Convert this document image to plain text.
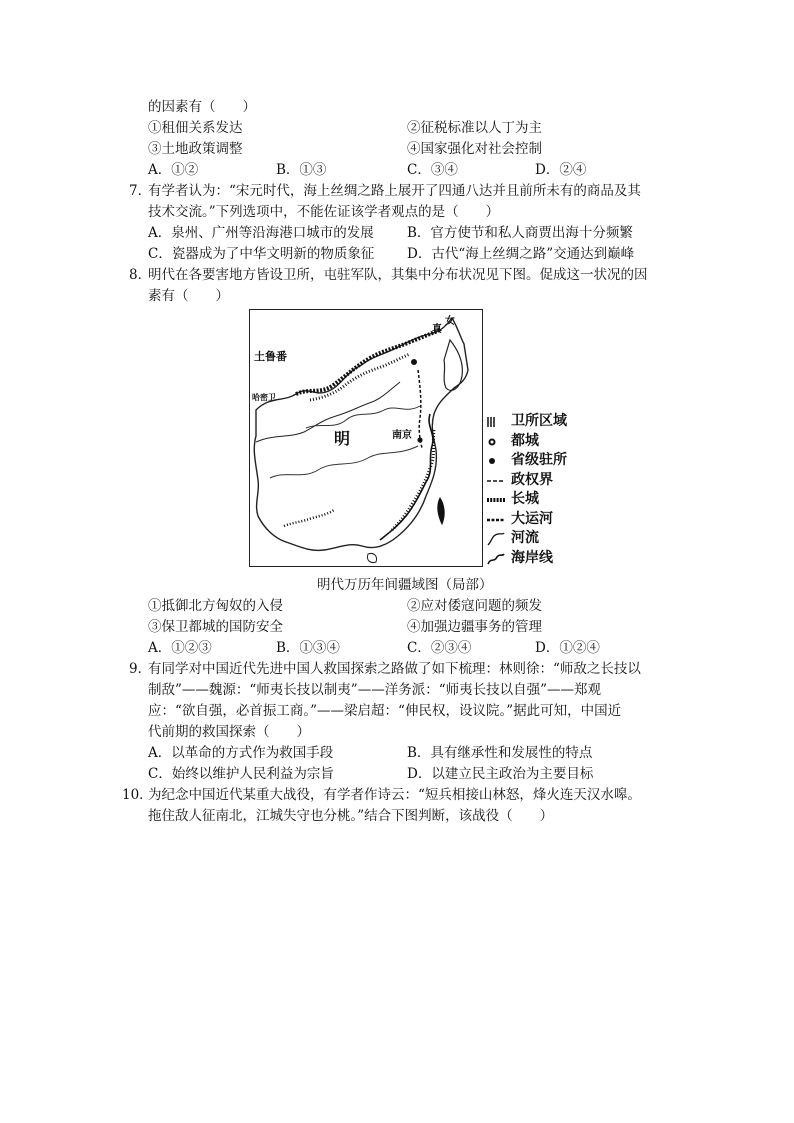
的因素有（　　）
①租佃关系发达	②征税标准以人丁为主
③土地政策调整	④国家强化对社会控制
A．①②	B．①③	C．③④	D．②④
7．
有学者认为：“宋元时代，海上丝绸之路上展开了四通八达并且前所未有的商品及其
技术交流。”下列选项中，不能佐证该学者观点的是（　　）
A．泉州、广州等沿海港口城市的发展 B．官方使节和私人商贾出海十分频繁
C．瓷器成为了中华文明新的物质象征 D．古代“海上丝绸之路”交通达到巅峰
8．
明代在各要害地方皆设卫所，屯驻军队，其集中分布状况见下图。促成这一状况的因
素有（　　）
土鲁番
哈密卫
明	南京
女
真
卫所区域
都城
省级驻所
政权界
长城
大运河
河流
海岸线
明代万历年间疆域图（局部）
①抵御北方匈奴的入侵	②应对倭寇问题的频发
③保卫都城的国防安全	④加强边疆事务的管理
A．①②③	B．①③④	C．②③④	D．①②④
9．
有同学对中国近代先进中国人救国探索之路做了如下梳理：林则徐：“师敌之长技以
制敌”——魏源：“师夷长技以制夷”——洋务派：“师夷长技以自强”——郑观
应：“欲自强，必首振工商。”——梁启超：“伸民权，设议院。”据此可知，中国近
代前期的救国探索（　　）
A．以革命的方式作为救国手段	B．具有继承性和发展性的特点
C．始终以维护人民利益为宗旨	D．以建立民主政治为主要目标
10．
为纪念中国近代某重大战役，有学者作诗云：“短兵相接山林怒，烽火连天汉水嗥。
拖住敌人征南北，江城失守也分桃。”结合下图判断，该战役（　　）
